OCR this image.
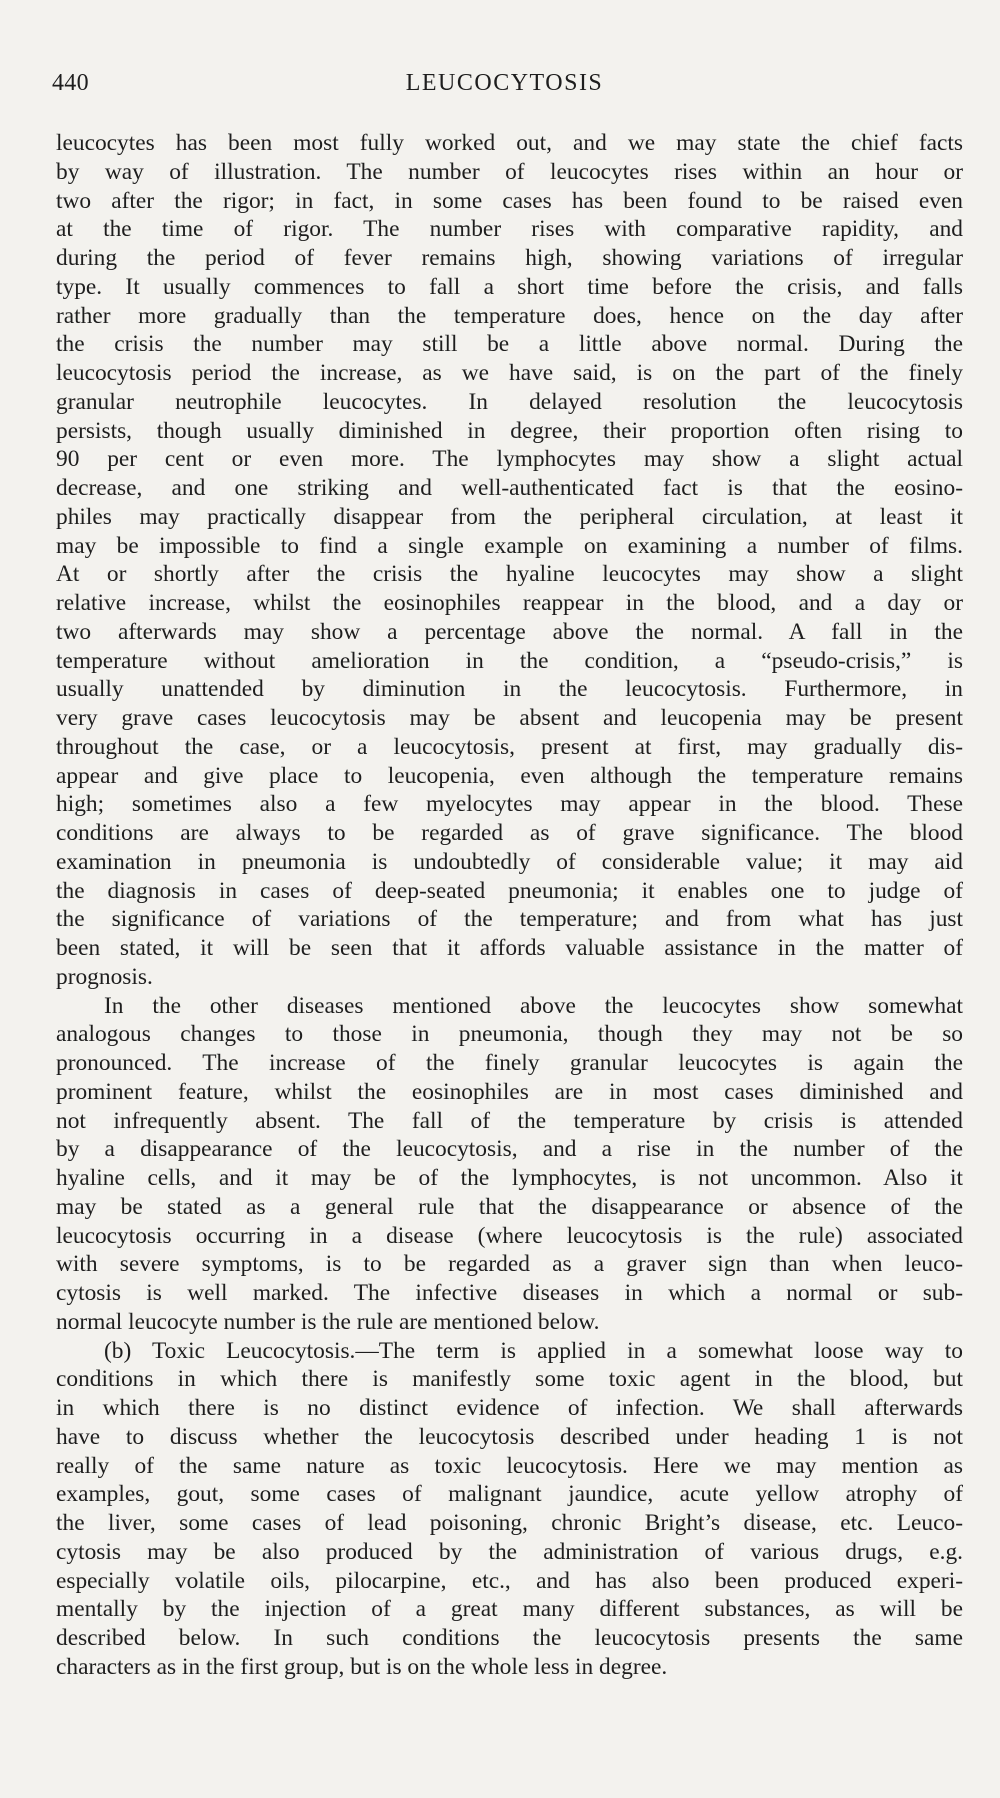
440	LEUCOCYTOSIS
leucocytes has been most fully worked out, and we may state the chief facts
by way of illustration. The number of leucocytes rises within an hour or
two after the rigor; in fact, in some cases has been found to be raised even
at the time of rigor. The number rises with comparative rapidity, and
during the period of fever remains high, showing variations of irregular
type. It usually commences to fall a short time before the crisis, and falls
rather more gradually than the temperature does, hence on the day after
the crisis the number may still be a little above normal. During the
leucocytosis period the increase, as we have said, is on the part of the finely
granular neutrophile leucocytes. In delayed resolution the leucocytosis
persists, though usually diminished in degree, their proportion often rising to
90 per cent or even more. The lymphocytes may show a slight actual
decrease, and one striking and well-authenticated fact is that the eosino-
philes may practically disappear from the peripheral circulation, at least it
may be impossible to find a single example on examining a number of films.
At or shortly after the crisis the hyaline leucocytes may show a slight
relative increase, whilst the eosinophiles reappear in the blood, and a day or
two afterwards may show a percentage above the normal. A fall in the
temperature without amelioration in the condition, a “pseudo-crisis,” is
usually unattended by diminution in the leucocytosis. Furthermore, in
very grave cases leucocytosis may be absent and leucopenia may be present
throughout the case, or a leucocytosis, present at first, may gradually dis-
appear and give place to leucopenia, even although the temperature remains
high; sometimes also a few myelocytes may appear in the blood. These
conditions are always to be regarded as of grave significance. The blood
examination in pneumonia is undoubtedly of considerable value; it may aid
the diagnosis in cases of deep-seated pneumonia; it enables one to judge of
the significance of variations of the temperature; and from what has just
been stated, it will be seen that it affords valuable assistance in the matter of
prognosis.
In the other diseases mentioned above the leucocytes show somewhat
analogous changes to those in pneumonia, though they may not be so
pronounced. The increase of the finely granular leucocytes is again the
prominent feature, whilst the eosinophiles are in most cases diminished and
not infrequently absent. The fall of the temperature by crisis is attended
by a disappearance of the leucocytosis, and a rise in the number of the
hyaline cells, and it may be of the lymphocytes, is not uncommon. Also it
may be stated as a general rule that the disappearance or absence of the
leucocytosis occurring in a disease (where leucocytosis is the rule) associated
with severe symptoms, is to be regarded as a graver sign than when leuco-
cytosis is well marked. The infective diseases in which a normal or sub-
normal leucocyte number is the rule are mentioned below.
(b) Toxic Leucocytosis.—The term is applied in a somewhat loose way to
conditions in which there is manifestly some toxic agent in the blood, but
in which there is no distinct evidence of infection. We shall afterwards
have to discuss whether the leucocytosis described under heading 1 is not
really of the same nature as toxic leucocytosis. Here we may mention as
examples, gout, some cases of malignant jaundice, acute yellow atrophy of
the liver, some cases of lead poisoning, chronic Bright’s disease, etc. Leuco-
cytosis may be also produced by the administration of various drugs, e.g.
especially volatile oils, pilocarpine, etc., and has also been produced experi-
mentally by the injection of a great many different substances, as will be
described below. In such conditions the leucocytosis presents the same
characters as in the first group, but is on the whole less in degree.
